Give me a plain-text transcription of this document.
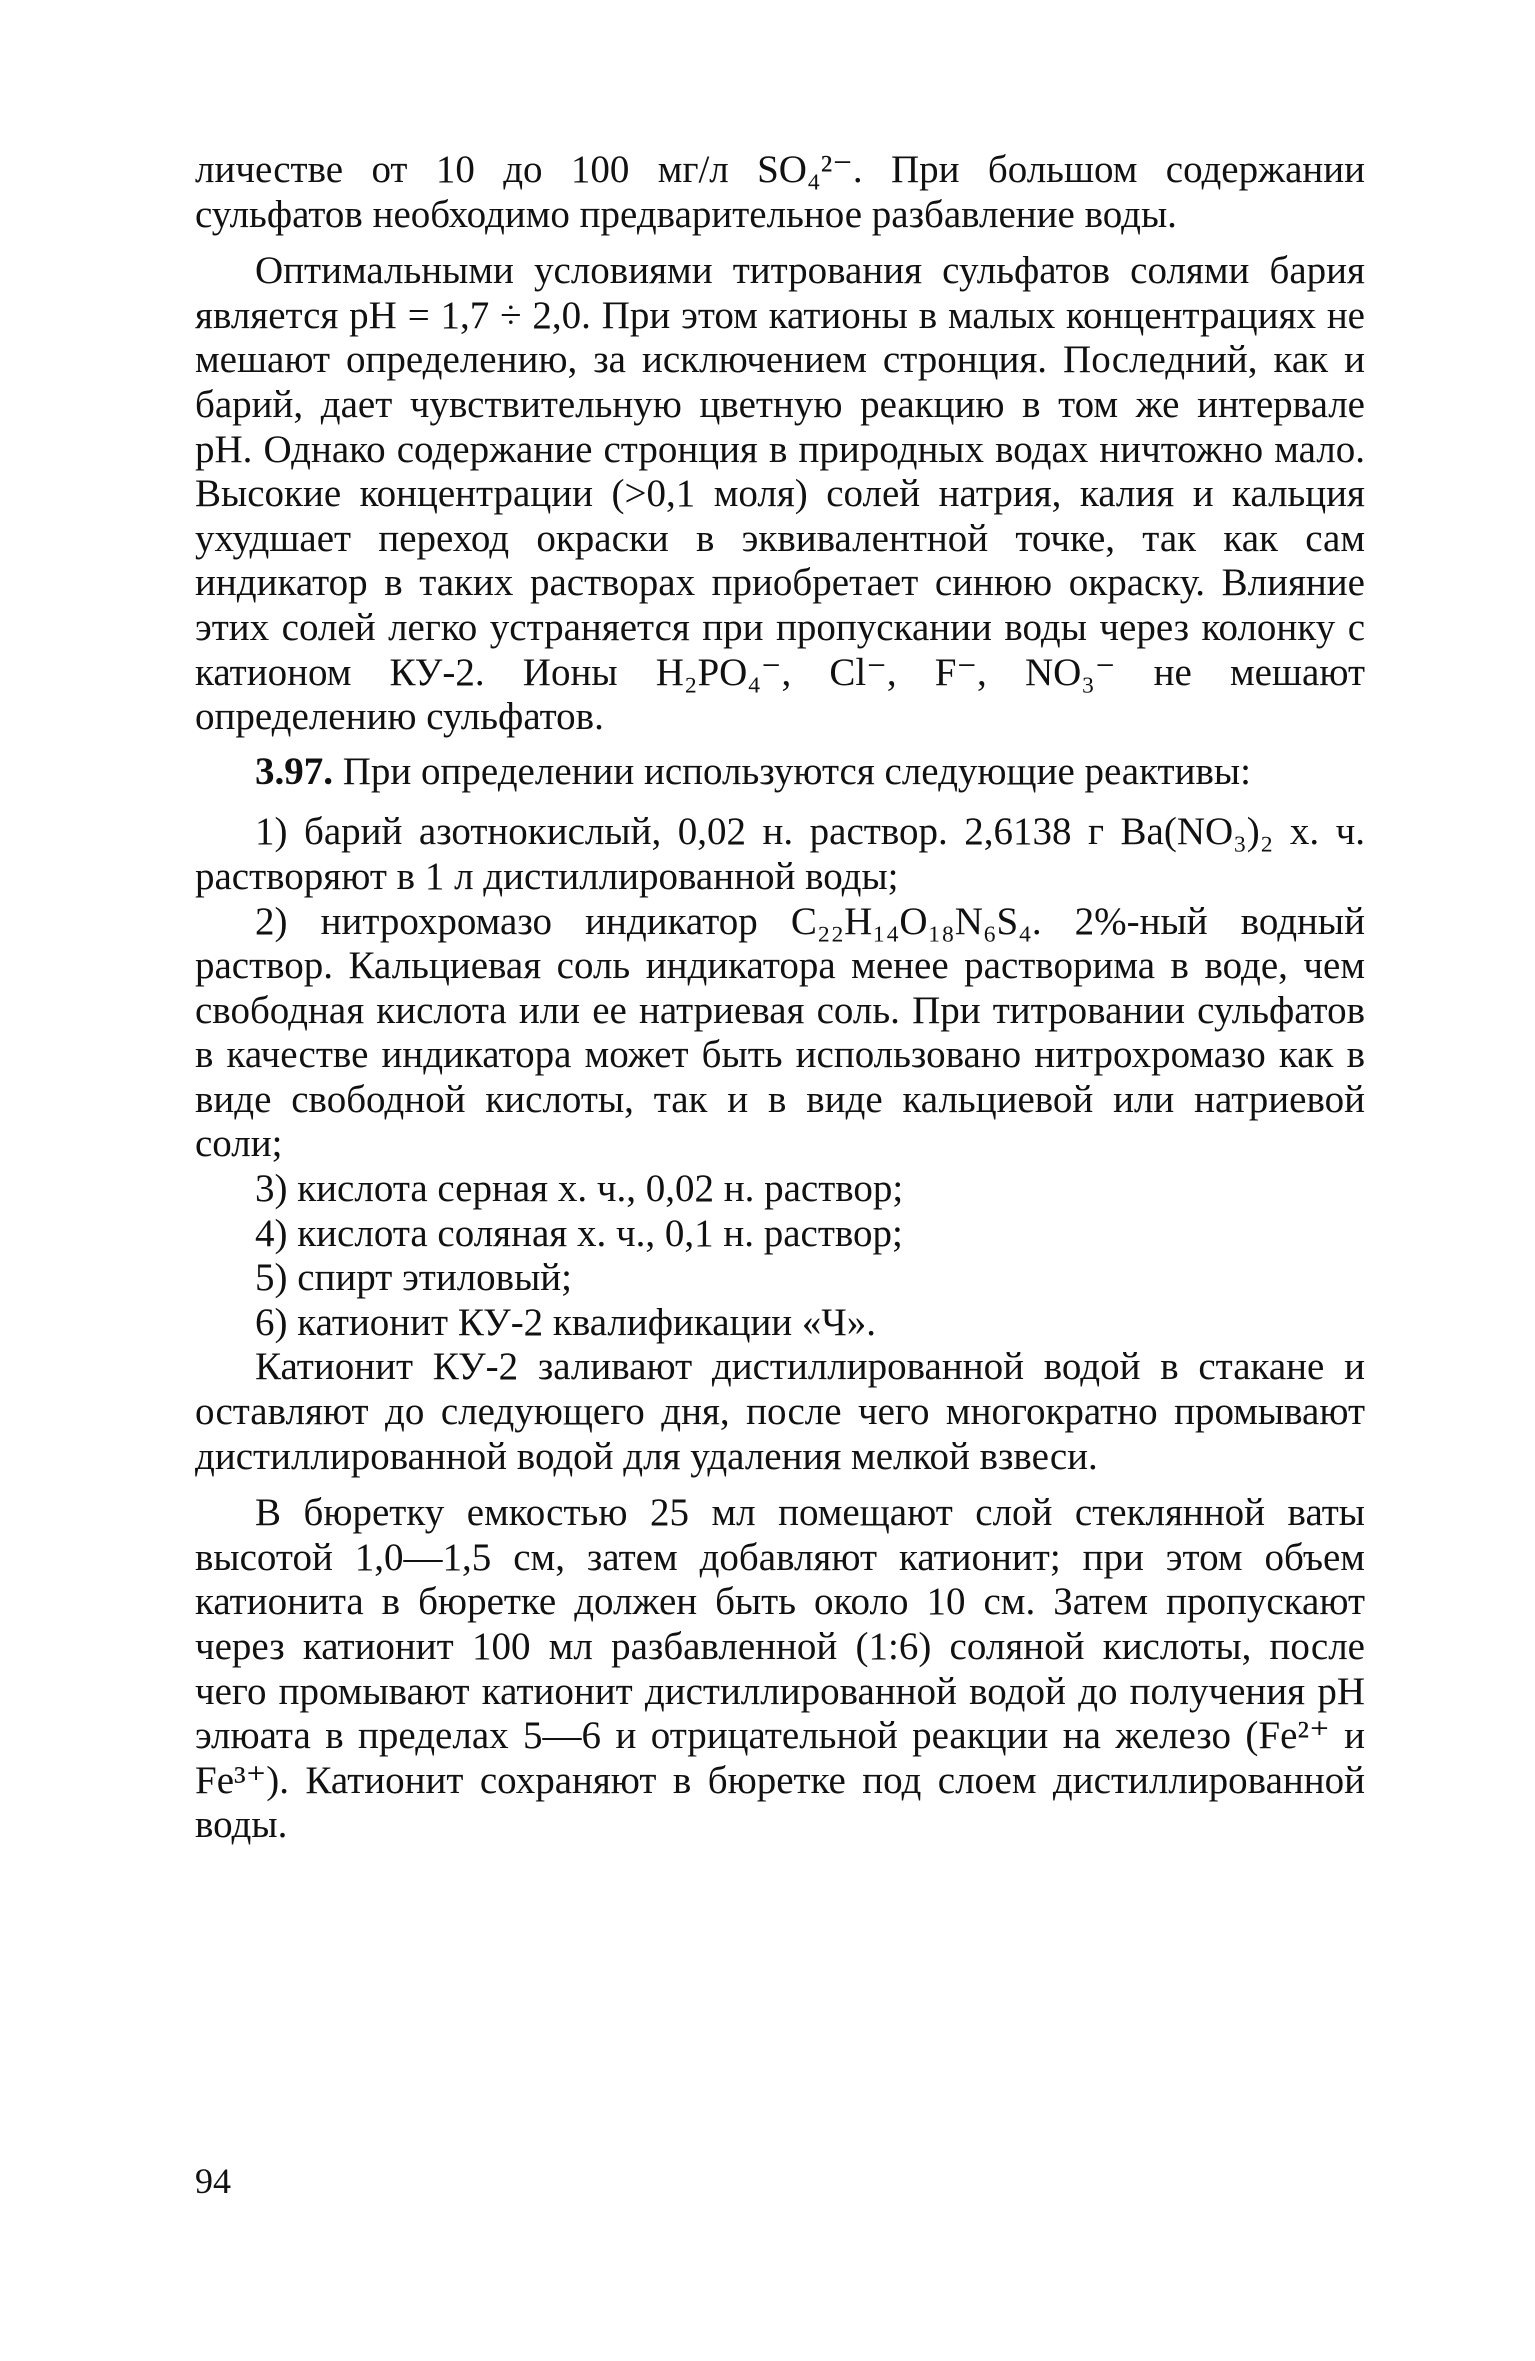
личестве от 10 до 100 мг/л SO₄²⁻. При большом содержании сульфатов необходимо предварительное разбавление воды.

Оптимальными условиями титрования сульфатов солями бария является pH = 1,7 ÷ 2,0. При этом катионы в малых концентрациях не мешают определению, за исключением стронция. Последний, как и барий, дает чувствительную цветную реакцию в том же интервале pH. Однако содержание стронция в природных водах ничтожно мало. Высокие концентрации (>0,1 моля) солей натрия, калия и кальция ухудшает переход окраски в эквивалентной точке, так как сам индикатор в таких растворах приобретает синюю окраску. Влияние этих солей легко устраняется при пропускании воды через колонку с катионом КУ-2. Ионы H₂PO₄⁻, Cl⁻, F⁻, NO₃⁻ не мешают определению сульфатов.

3.97. При определении используются следующие реактивы:

1) барий азотнокислый, 0,02 н. раствор. 2,6138 г Ba(NO₃)₂ х. ч. растворяют в 1 л дистиллированной воды;

2) нитрохромазо индикатор C₂₂H₁₄O₁₈N₆S₄. 2%-ный водный раствор. Кальциевая соль индикатора менее растворима в воде, чем свободная кислота или ее натриевая соль. При титровании сульфатов в качестве индикатора может быть использовано нитрохромазо как в виде свободной кислоты, так и в виде кальциевой или натриевой соли;

3) кислота серная х. ч., 0,02 н. раствор;

4) кислота соляная х. ч., 0,1 н. раствор;

5) спирт этиловый;

6) катионит КУ-2 квалификации «Ч».

Катионит КУ-2 заливают дистиллированной водой в стакане и оставляют до следующего дня, после чего многократно промывают дистиллированной водой для удаления мелкой взвеси.

В бюретку емкостью 25 мл помещают слой стеклянной ваты высотой 1,0—1,5 см, затем добавляют катионит; при этом объем катионита в бюретке должен быть около 10 см. Затем пропускают через катионит 100 мл разбавленной (1:6) соляной кислоты, после чего промывают катионит дистиллированной водой до получения pH элюата в пределах 5—6 и отрицательной реакции на железо (Fe²⁺ и Fe³⁺). Катионит сохраняют в бюретке под слоем дистиллированной воды.

94
